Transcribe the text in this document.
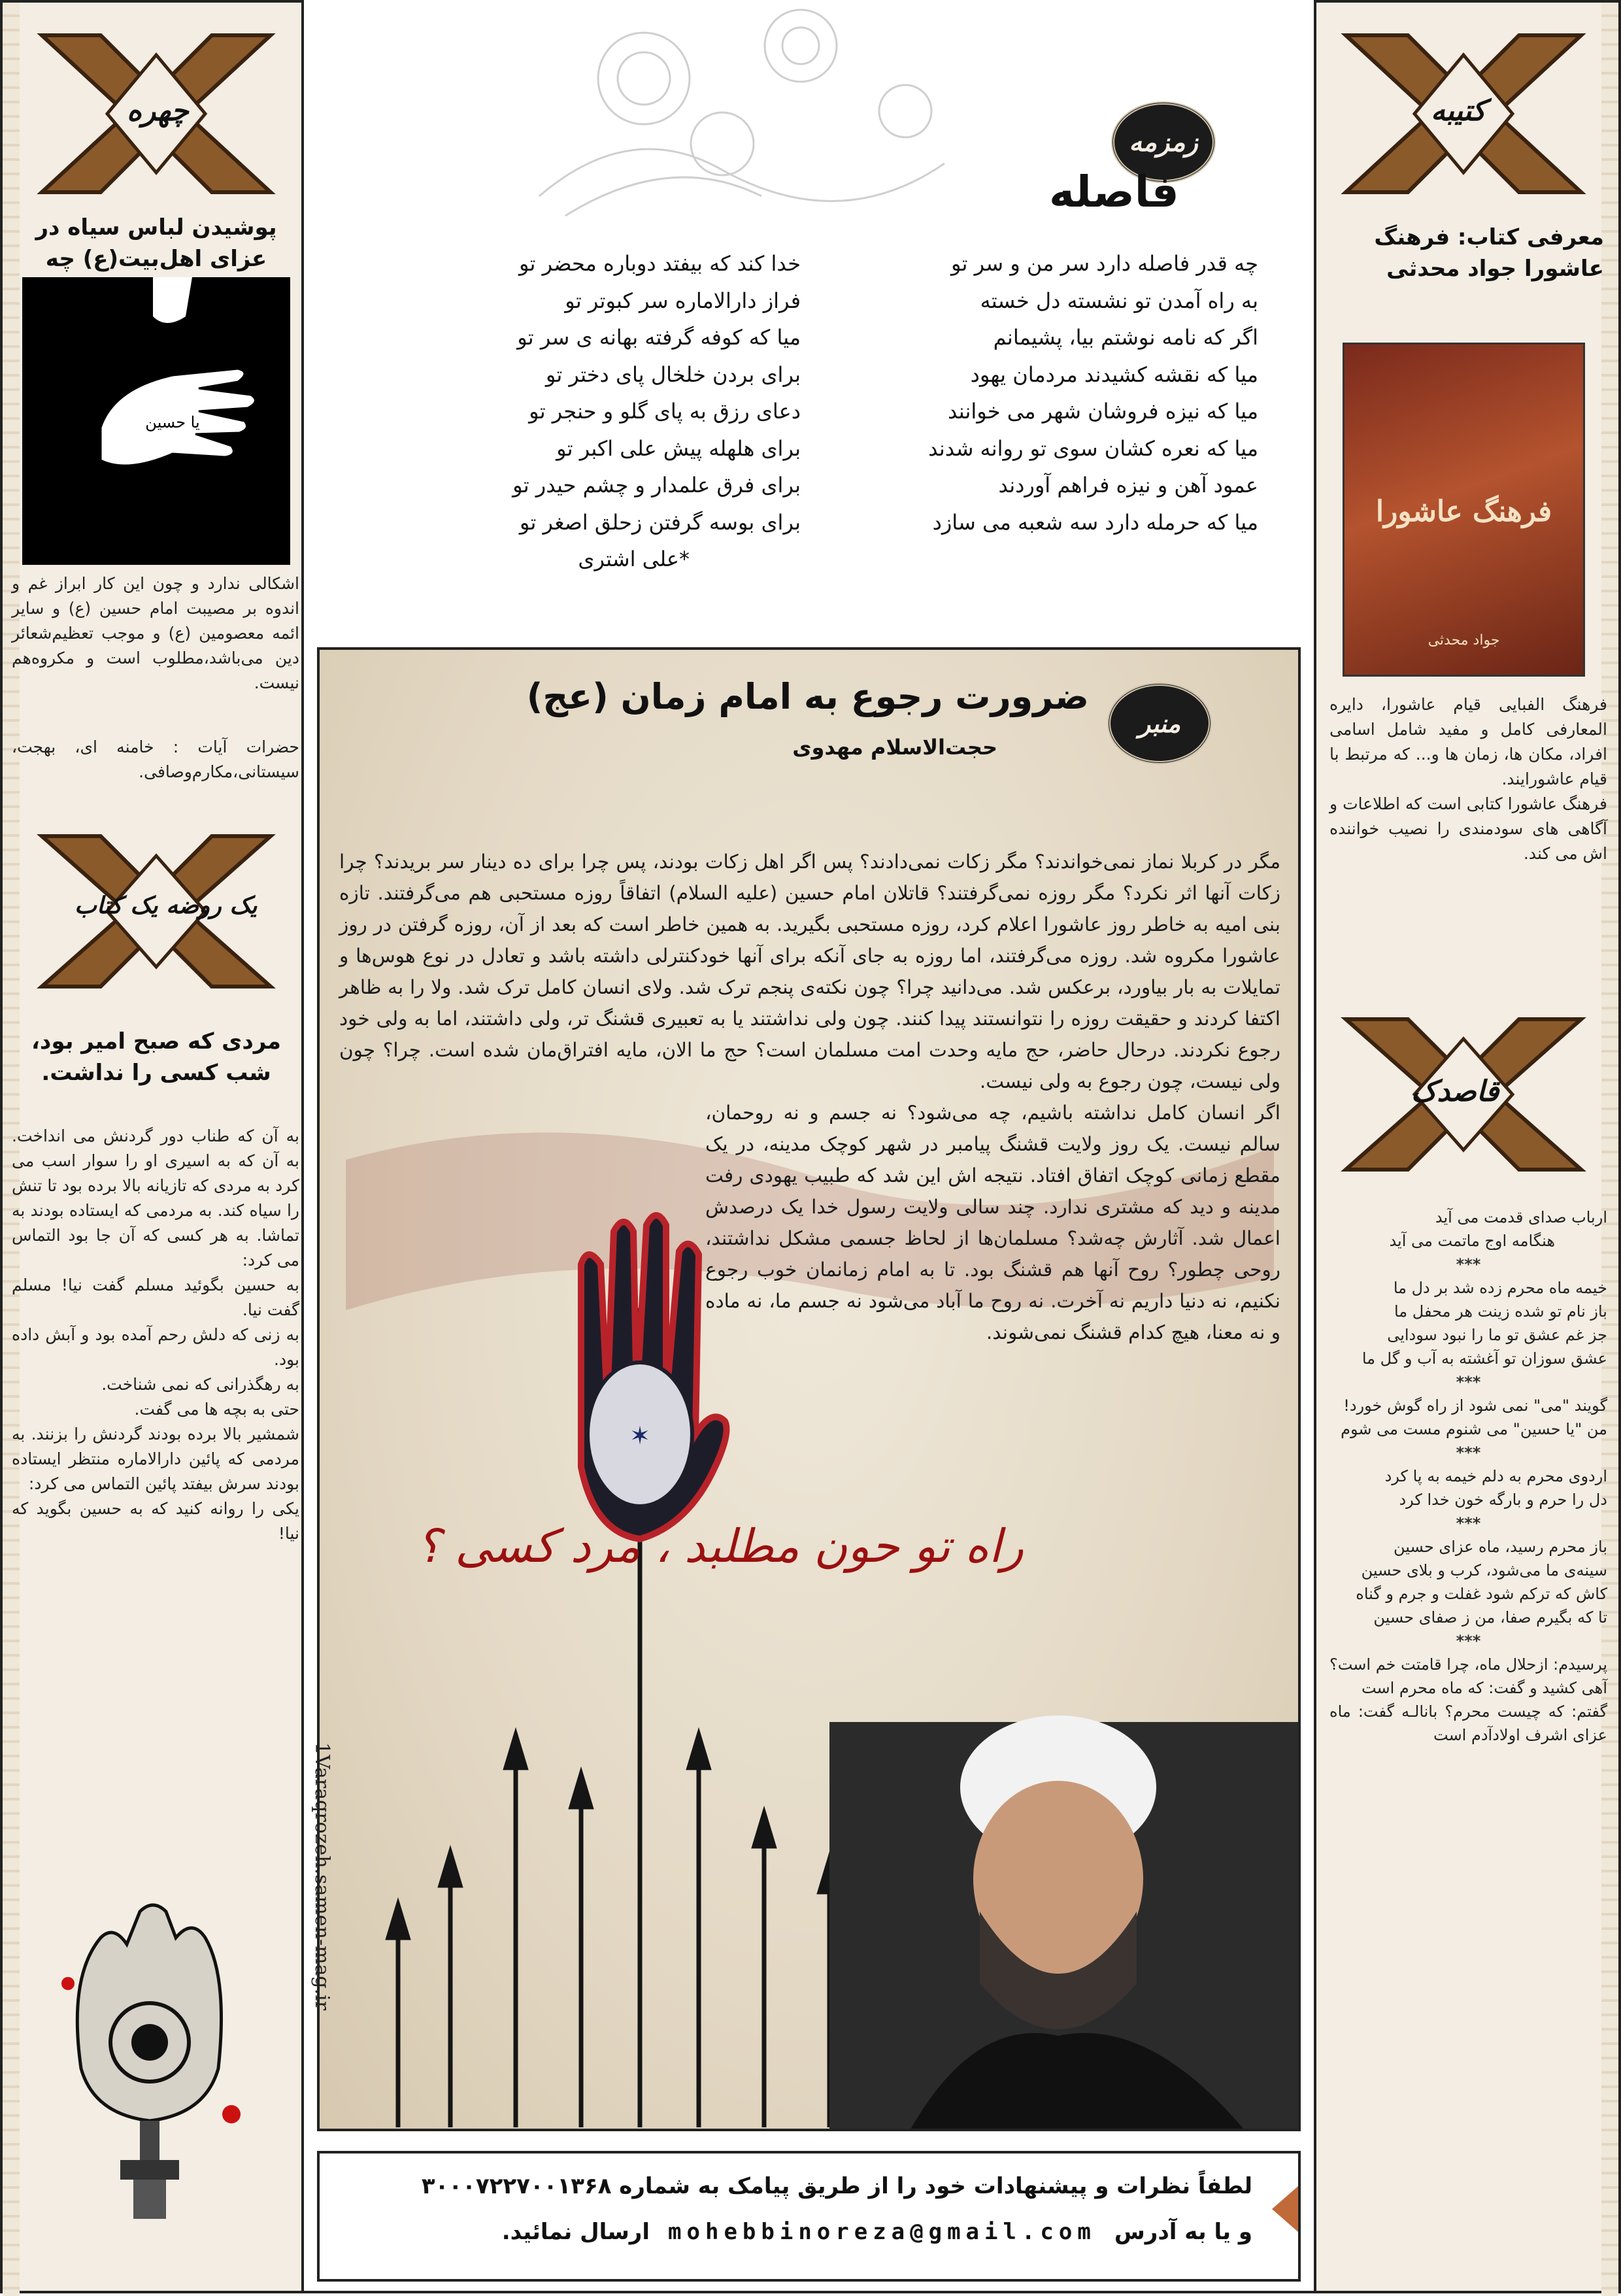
چهره
پوشیدن لباس سیاه در عزای اهل‌بیت(ع) چه
یا حسین
اشکالی ندارد و چون این کار ابراز غم و اندوه بر مصیبت امام حسین (ع) و سایر ائمه معصومین (ع) و موجب تعظیم‌شعائر دین می‌باشد،مطلوب است و مکروه‌هم نیست.
حضرات آیات : خامنه ای، بهجت، سیستانی،مکارم‌وصافی.
یک روضه یک کتاب
مردی که صبح امیر بود، شب کسی را نداشت.
به آن که طناب دور گردنش می انداخت. به آن که به اسیری او را سوار اسب می کرد به مردی که تازیانه بالا برده بود تا تنش را سیاه کند. به مردمی که ایستاده بودند به تماشا. به هر کسی که آن جا بود التماس می کرد:
به حسین بگوئید مسلم گفت نیا! مسلم گفت نیا.
به زنی که دلش رحم آمده بود و آبش داده بود.
به رهگذرانی که نمی شناخت.
حتی به بچه ها می گفت.
شمشیر بالا برده بودند گردنش را بزنند. به مردمی که پائین دارالاماره منتظر ایستاده بودند سرش بیفتد پائین التماس می کرد:
یکی را روانه کنید که به حسین بگوید که نیا!
زمزمه
فاصله
چه قدر فاصله دارد سر من و سر تو
به راه آمدن تو نشسته دل خسته
اگر که نامه نوشتم بیا، پشیمانم
میا که نقشه کشیدند مردمان یهود
میا که نیزه فروشان شهر می خوانند
میا که نعره کشان سوی تو روانه شدند
عمود آهن و نیزه فراهم آوردند
میا که حرمله دارد سه شعبه می سازد
خدا کند که بیفتد دوباره محضر تو
فراز دارالاماره سر کبوتر تو
میا که کوفه گرفته بهانه ی سر تو
برای بردن خلخال پای دختر تو
دعای رزق به پای گلو و حنجر تو
برای هلهله پیش علی اکبر تو
برای فرق علمدار و چشم حیدر تو
برای بوسه گرفتن زحلق اصغر تو
*علی اشتری
✶
منبر
ضرورت رجوع به امام زمان (عج)
حجت‌الاسلام مهدوی
مگر در کربلا نماز نمی‌خواندند؟ مگر زکات نمی‌دادند؟ پس اگر اهل زکات بودند، پس چرا برای ده دینار سر بریدند؟ چرا زکات آنها اثر نکرد؟ مگر روزه نمی‌گرفتند؟ قاتلان امام حسین (علیه السلام) اتفاقاً روزه مستحبی هم می‌گرفتند. تازه بنی امیه به خاطر روز عاشورا اعلام کرد، روزه مستحبی بگیرید. به همین خاطر است که بعد از آن، روزه گرفتن در روز عاشورا مکروه شد. روزه می‌گرفتند، اما روزه به جای آنکه برای آنها خودکنترلی داشته باشد و تعادل در نوع هوس‌ها و تمایلات به بار بیاورد، برعکس شد. می‌دانید چرا؟ چون نکته‌ی پنجم ترک شد. ولای انسان کامل ترک شد. ولا را به ظاهر اکتفا کردند و حقیقت روزه را نتوانستند پیدا کنند. چون ولی نداشتند یا به تعبیری قشنگ تر، ولی داشتند، اما به ولی خود رجوع نکردند. درحال حاضر، حج مایه وحدت امت مسلمان است؟ حج ما الان، مایه افتراق‌مان شده است. چرا؟ چون ولی نیست، چون رجوع به ولی نیست.
اگر انسان کامل نداشته باشیم، چه می‌شود؟ نه جسم و نه روحمان، سالم نیست. یک روز ولایت قشنگ پیامبر در شهر کوچک مدینه، در یک مقطع زمانی کوچک اتفاق افتاد. نتیجه اش این شد که طبیب یهودی رفت مدینه و دید که مشتری ندارد. چند سالی ولایت رسول خدا یک درصدش اعمال شد. آثارش چه‌شد؟ مسلمان‌ها از لحاظ جسمی مشکل نداشتند، روحی چطور؟ روح آنها هم قشنگ بود. تا به امام زمانمان خوب رجوع نکنیم، نه دنیا داریم نه آخرت. نه روح ما آباد می‌شود نه جسم ما، نه ماده و نه معنا، هیچ کدام قشنگ نمی‌شوند.
راه تو حون مطلبد ، مرد کسی ؟
1Varaqrozeh.samen-mag.ir
لطفاً نظرات و پیشنهادات خود را از طریق پیامک به شماره ۳۰۰۰۷۲۲۷۰۰۱۳۶۸
و یا به آدرس
mohebbinoreza@gmail.com
ارسال نمائید.
کتیبه
معرفی کتاب: فرهنگ عاشورا جواد محدثی
فرهنگ عاشورا
جواد محدثی
فرهنگ الفبایی قیام عاشورا، دایره المعارفی کامل و مفید شامل اسامی افراد، مکان ها، زمان ها و... که مرتبط با قیام عاشورایند.
فرهنگ عاشورا کتابی است که اطلاعات و آگاهی های سودمندی را نصیب خواننده اش می کند.
قاصدک
ارباب صدای قدمت می آید
هنگامه اوج ماتمت می آید
***
خیمه ماه محرم زده شد بر دل ما
باز نام تو شده زینت هر محفل ما
جز غم عشق تو ما را نبود سودایی
عشق سوزان تو آغشته به آب و گل ما
***
گویند "می" نمی شود از راه گوش خورد!
من "یا حسین" می شنوم مست می شوم
***
اردوی محرم به دلم خیمه به پا کرد
دل را حرم و بارگه خون خدا کرد
***
باز محرم رسید، ماه عزای حسین
سینه‌ی ما می‌شود، کرب و بلای حسین
کاش که ترکم شود غفلت و جرم و گناه
تا که بگیرم صفا، من ز صفای حسین
***
پرسیدم: ازحلال ماه، چرا قامتت خم است؟ آهی کشید و گفت: که ماه محرم است
گفتم: که چیست محرم؟ بانالـه گفت: ماه عزای اشرف اولادآدم است
